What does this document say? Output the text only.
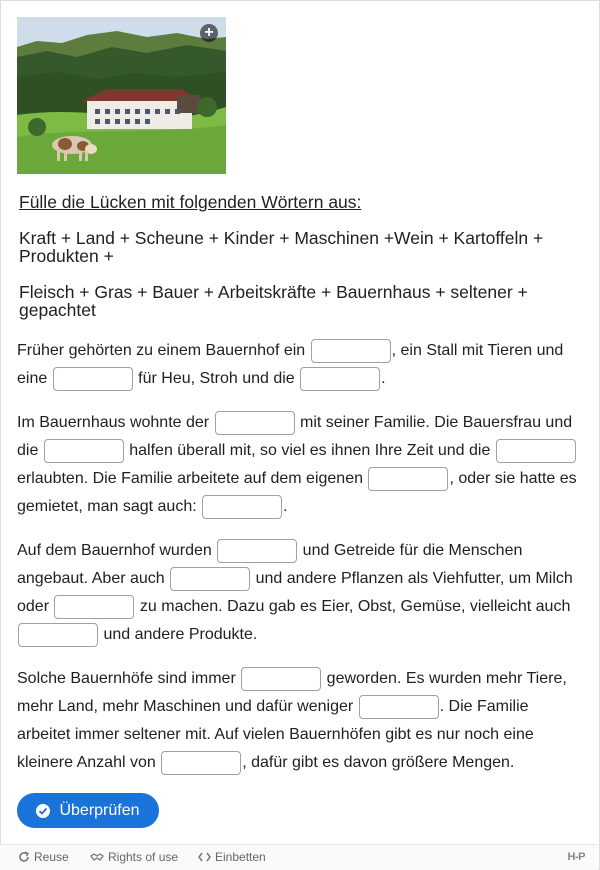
+

Fülle die Lücken mit folgenden Wörtern aus:

Kraft + Land + Scheune + Kinder + Maschinen +Wein + Kartoffeln + Produkten +

Fleisch + Gras + Bauer + Arbeitskräfte + Bauernhaus + seltener + gepachtet

Früher gehörten zu einem Bauernhof ein	, ein Stall mit Tieren und eine	für Heu, Stroh und die	.

Im Bauernhaus wohnte der	mit seiner Familie. Die Bauersfrau und die	halfen überall mit, so viel es ihnen Ihre Zeit und die  erlaubten. Die Familie arbeitete auf dem eigenen	, oder sie hatte es gemietet, man sagt auch:	.

Auf dem Bauernhof wurden	und Getreide für die Menschen angebaut. Aber auch	und andere Pflanzen als Viehfutter, um Milch oder	zu machen. Dazu gab es Eier, Obst, Gemüse, vielleicht auch  und andere Produkte.

Solche Bauernhöfe sind immer	geworden. Es wurden mehr Tiere, mehr Land, mehr Maschinen und dafür weniger	. Die Familie arbeitet immer seltener mit. Auf vielen Bauernhöfen gibt es nur noch eine kleinere Anzahl von	, dafür gibt es davon größere Mengen.

Überprüfen
Reuse	Rights of use	Einbetten	H-P
